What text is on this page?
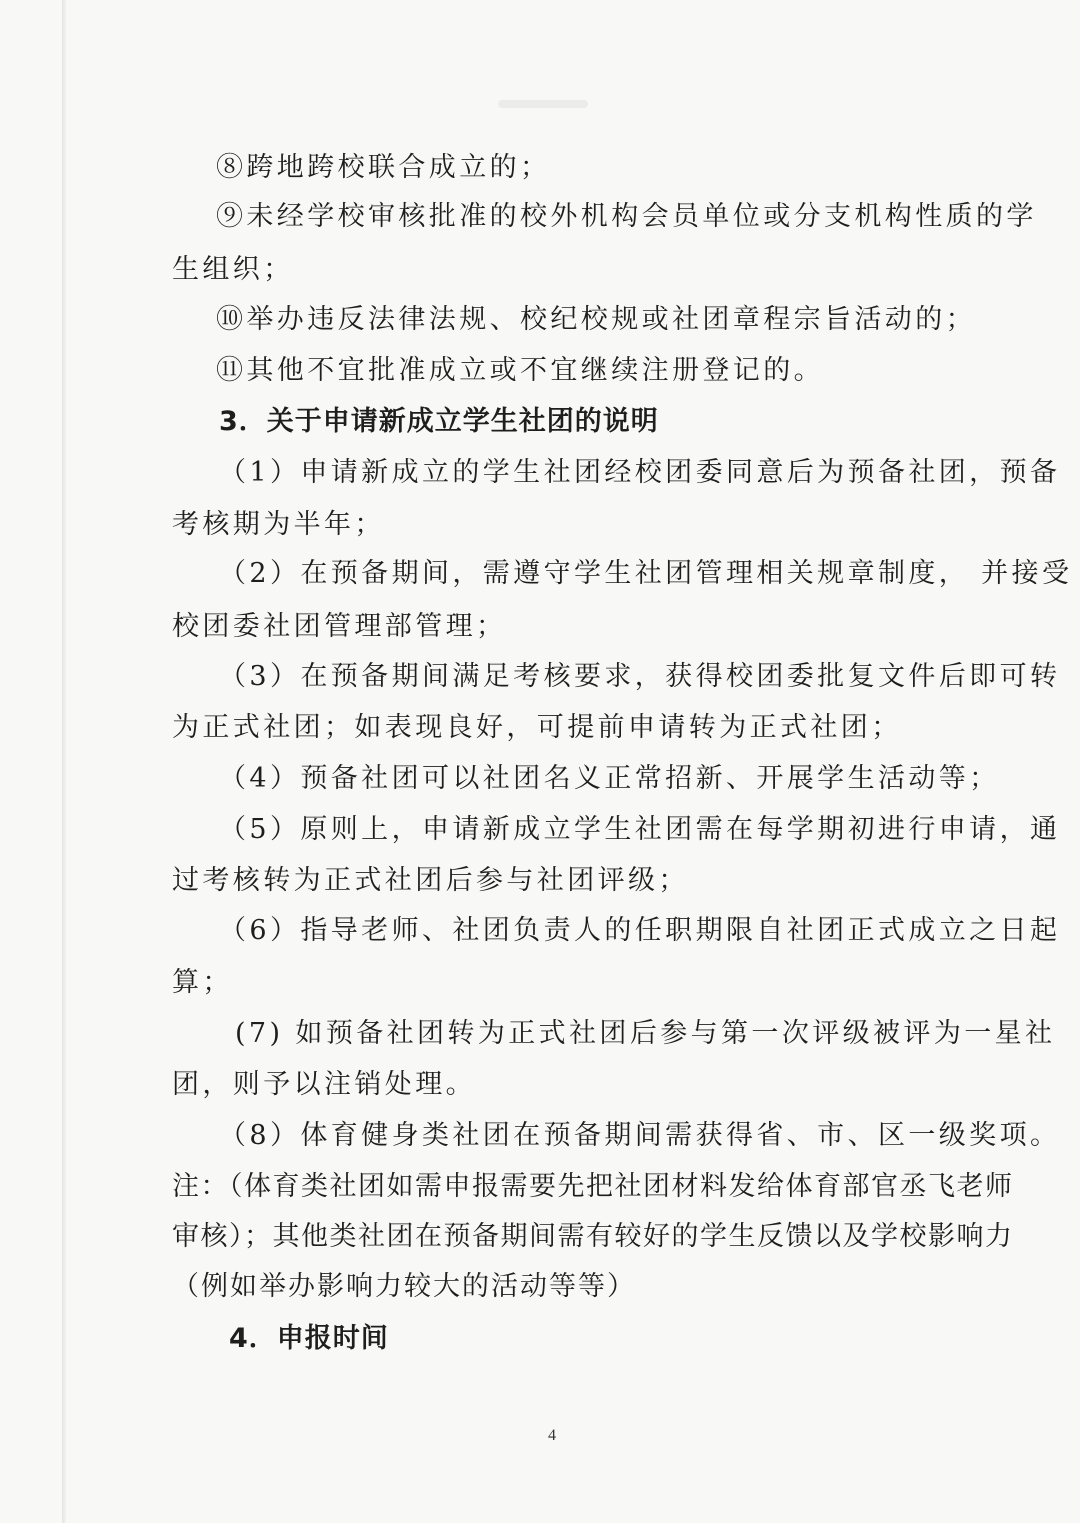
⑧跨地跨校联合成立的；
⑨未经学校审核批准的校外机构会员单位或分支机构性质的学
生组织；
⑩举办违反法律法规、校纪校规或社团章程宗旨活动的；
⑪其他不宜批准成立或不宜继续注册登记的。
3．关于申请新成立学生社团的说明
（1）申请新成立的学生社团经校团委同意后为预备社团，预备
考核期为半年；
（2）在预备期间，需遵守学生社团管理相关规章制度， 并接受
校团委社团管理部管理；
（3）在预备期间满足考核要求，获得校团委批复文件后即可转
为正式社团；如表现良好，可提前申请转为正式社团；
（4）预备社团可以社团名义正常招新、开展学生活动等；
（5）原则上，申请新成立学生社团需在每学期初进行申请，通
过考核转为正式社团后参与社团评级；
（6）指导老师、社团负责人的任职期限自社团正式成立之日起
算；
(7) 如预备社团转为正式社团后参与第一次评级被评为一星社
团，则予以注销处理。
（8）体育健身类社团在预备期间需获得省、市、区一级奖项。
注：（体育类社团如需申报需要先把社团材料发给体育部官丞飞老师
审核）；其他类社团在预备期间需有较好的学生反馈以及学校影响力
（例如举办影响力较大的活动等等）
4．申报时间
4
